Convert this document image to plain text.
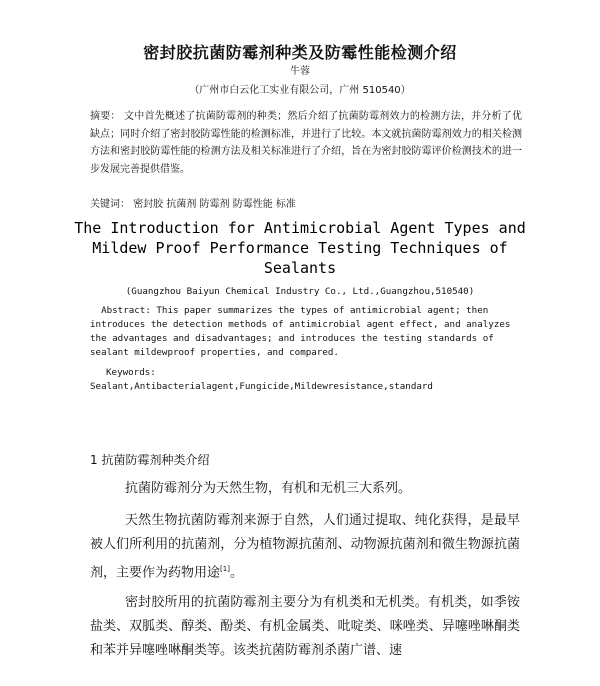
密封胶抗菌防霉剂种类及防霉性能检测介绍
牛蓉
（广州市白云化工实业有限公司，广州 510540）
摘要： 文中首先概述了抗菌防霉剂的种类；然后介绍了抗菌防霉剂效力的检测方法，并分析了优缺点；同时介绍了密封胶防霉性能的检测标准，并进行了比较。本文就抗菌防霉剂效力的相关检测方法和密封胶防霉性能的检测方法及相关标准进行了介绍，旨在为密封胶防霉评价检测技术的进一步发展完善提供借鉴。
关键词： 密封胶 抗菌剂 防霉剂 防霉性能 标准
The Introduction for Antimicrobial Agent Types and Mildew Proof Performance Testing Techniques of Sealants
(Guangzhou Baiyun Chemical Industry Co., Ltd.,Guangzhou,510540)
Abstract: This paper summarizes the types of antimicrobial agent; then introduces the detection methods of antimicrobial agent effect, and analyzes the advantages and disadvantages; and introduces the testing standards of sealant mildewproof properties, and compared.
Keywords:
Sealant,Antibacterialagent,Fungicide,Mildewresistance,standard
1 抗菌防霉剂种类介绍
抗菌防霉剂分为天然生物，有机和无机三大系列。
天然生物抗菌防霉剂来源于自然，人们通过提取、纯化获得，是最早被人们所利用的抗菌剂，分为植物源抗菌剂、动物源抗菌剂和微生物源抗菌剂，主要作为药物用途[1]。
密封胶所用的抗菌防霉剂主要分为有机类和无机类。有机类，如季铵盐类、双胍类、醇类、酚类、有机金属类、吡啶类、咪唑类、异噻唑啉酮类和苯并异噻唑啉酮类等。该类抗菌防霉剂杀菌广谱、速
